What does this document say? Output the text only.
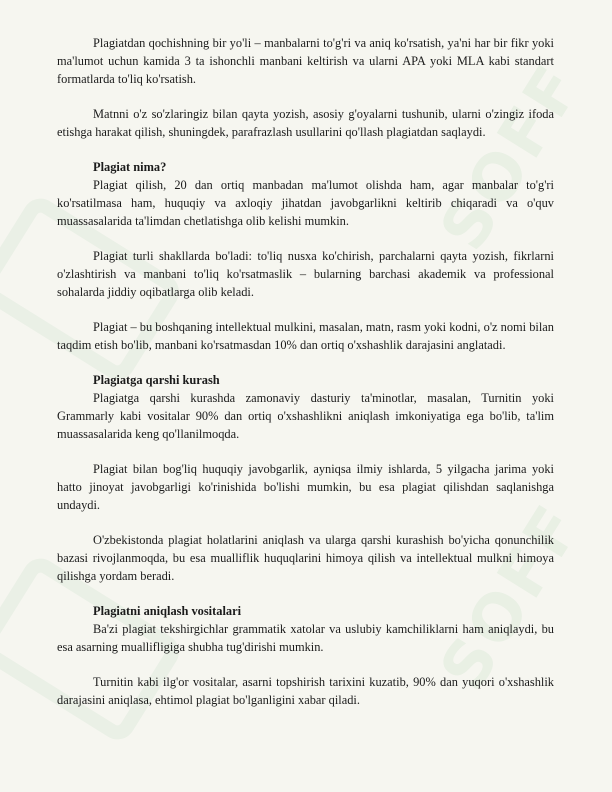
SOFF
SOFF

Plagiatdan qochishning bir yo'li – manbalarni to'g'ri va aniq ko'rsatish, ya'ni har bir fikr yoki ma'lumot uchun kamida 3 ta ishonchli manbani keltirish va ularni APA yoki MLA kabi standart formatlarda to'liq ko'rsatish.

Matnni o'z so'zlaringiz bilan qayta yozish, asosiy g'oyalarni tushunib, ularni o'zingiz ifoda etishga harakat qilish, shuningdek, parafrazlash usullarini qo'llash plagiatdan saqlaydi.

Plagiat nima?

Plagiat qilish, 20 dan ortiq manbadan ma'lumot olishda ham, agar manbalar to'g'ri ko'rsatilmasa ham, huquqiy va axloqiy jihatdan javobgarlikni keltirib chiqaradi va o'quv muassasalarida ta'limdan chetlatishga olib kelishi mumkin.

Plagiat turli shakllarda bo'ladi: to'liq nusxa ko'chirish, parchalarni qayta yozish, fikrlarni o'zlashtirish va manbani to'liq ko'rsatmaslik – bularning barchasi akademik va professional sohalarda jiddiy oqibatlarga olib keladi.

Plagiat – bu boshqaning intellektual mulkini, masalan, matn, rasm yoki kodni, o'z nomi bilan taqdim etish bo'lib, manbani ko'rsatmasdan 10% dan ortiq o'xshashlik darajasini anglatadi.

Plagiatga qarshi kurash

Plagiatga qarshi kurashda zamonaviy dasturiy ta'minotlar, masalan, Turnitin yoki Grammarly kabi vositalar 90% dan ortiq o'xshashlikni aniqlash imkoniyatiga ega bo'lib, ta'lim muassasalarida keng qo'llanilmoqda.

Plagiat bilan bog'liq huquqiy javobgarlik, ayniqsa ilmiy ishlarda, 5 yilgacha jarima yoki hatto jinoyat javobgarligi ko'rinishida bo'lishi mumkin, bu esa plagiat qilishdan saqlanishga undaydi.

O'zbekistonda plagiat holatlarini aniqlash va ularga qarshi kurashish bo'yicha qonunchilik bazasi rivojlanmoqda, bu esa mualliflik huquqlarini himoya qilish va intellektual mulkni himoya qilishga yordam beradi.

Plagiatni aniqlash vositalari

Ba'zi plagiat tekshirgichlar grammatik xatolar va uslubiy kamchiliklarni ham aniqlaydi, bu esa asarning muallifligiga shubha tug'dirishi mumkin.

Turnitin kabi ilg'or vositalar, asarni topshirish tarixini kuzatib, 90% dan yuqori o'xshashlik darajasini aniqlasa, ehtimol plagiat bo'lganligini xabar qiladi.
